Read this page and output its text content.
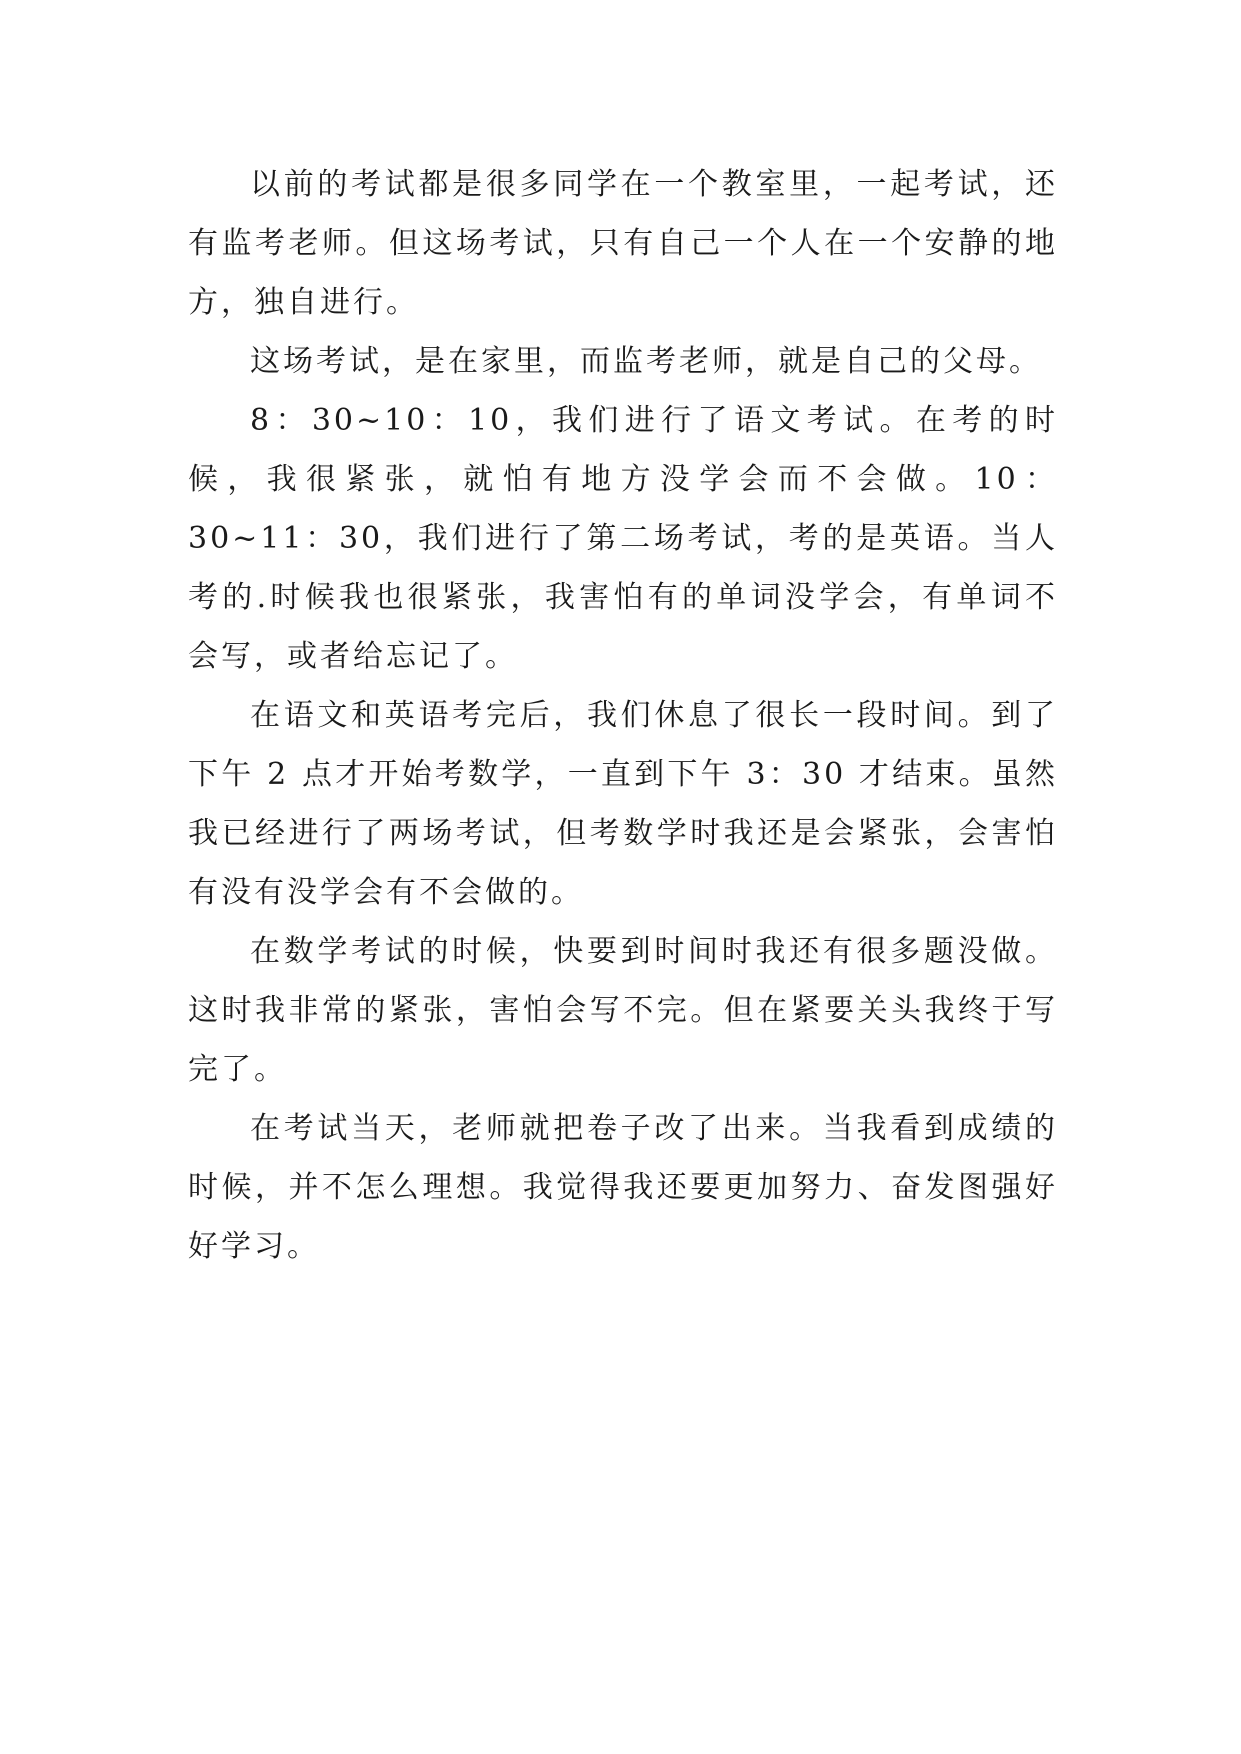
以前的考试都是很多同学在一个教室里，一起考试，还有监考老师。但这场考试，只有自己一个人在一个安静的地方，独自进行。

这场考试，是在家里，而监考老师，就是自己的父母。

8：30~10：10，我们进行了语文考试。在考的时候，我很紧张，就怕有地方没学会而不会做。10：30~11：30，我们进行了第二场考试，考的是英语。当人考的.时候我也很紧张，我害怕有的单词没学会，有单词不会写，或者给忘记了。

在语文和英语考完后，我们休息了很长一段时间。到了下午 2 点才开始考数学，一直到下午 3：30 才结束。虽然我已经进行了两场考试，但考数学时我还是会紧张，会害怕有没有没学会有不会做的。

在数学考试的时候，快要到时间时我还有很多题没做。这时我非常的紧张，害怕会写不完。但在紧要关头我终于写完了。

在考试当天，老师就把卷子改了出来。当我看到成绩的时候，并不怎么理想。我觉得我还要更加努力、奋发图强好好学习。
